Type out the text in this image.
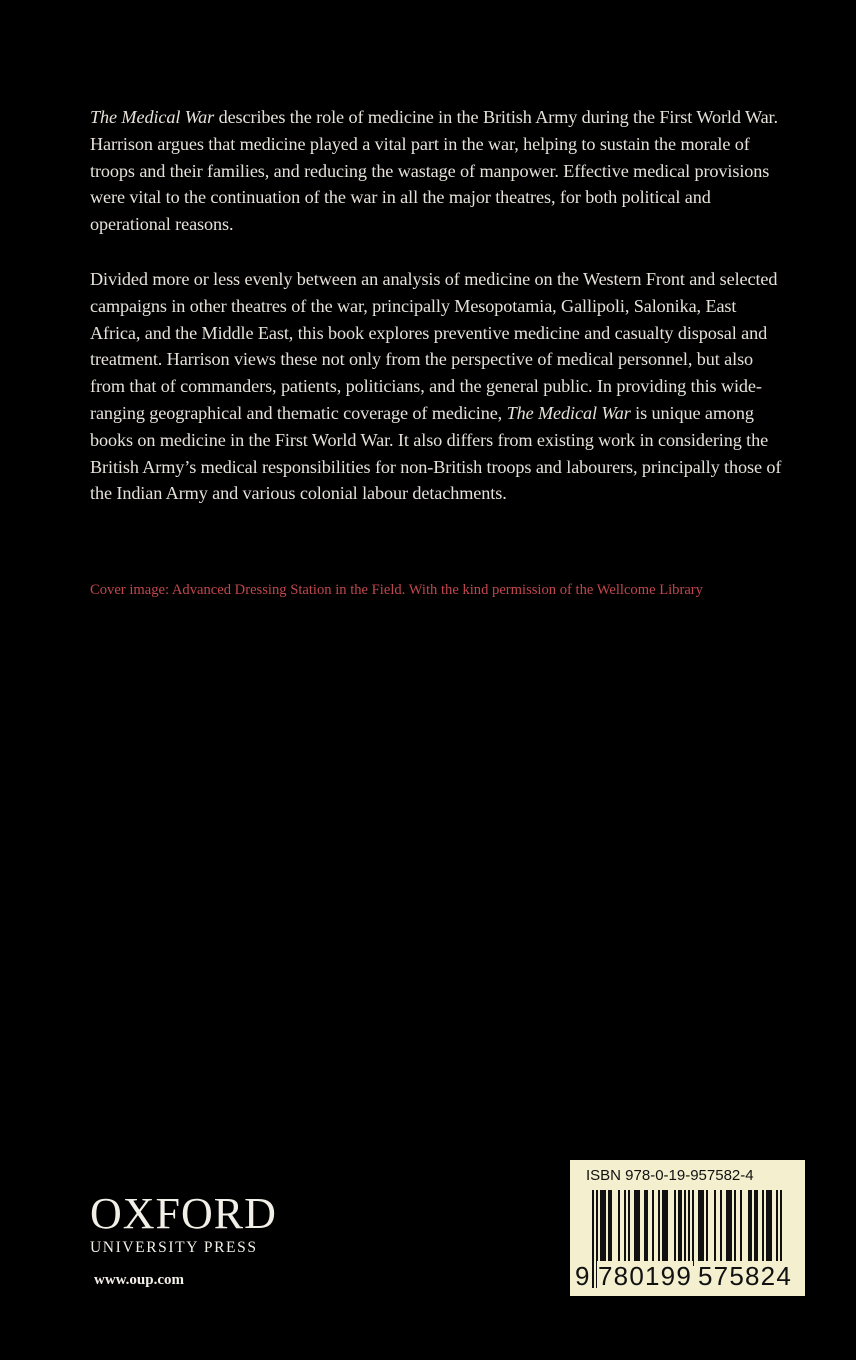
The Medical War describes the role of medicine in the British Army during the First World War. Harrison argues that medicine played a vital part in the war, helping to sustain the morale of troops and their families, and reducing the wastage of manpower. Effective medical provisions were vital to the continuation of the war in all the major theatres, for both political and operational reasons.

Divided more or less evenly between an analysis of medicine on the Western Front and selected campaigns in other theatres of the war, principally Mesopotamia, Gallipoli, Salonika, East Africa, and the Middle East, this book explores preventive medicine and casualty disposal and treatment. Harrison views these not only from the perspective of medical personnel, but also from that of commanders, patients, politicians, and the general public. In providing this wide-ranging geographical and thematic coverage of medicine, The Medical War is unique among books on medicine in the First World War. It also differs from existing work in considering the British Army’s medical responsibilities for non-British troops and labourers, principally those of the Indian Army and various colonial labour detachments.

Cover image: Advanced Dressing Station in the Field. With the kind permission of the Wellcome Library
OXFORD
UNIVERSITY PRESS
www.oup.com
ISBN 978-0-19-957582-4
9 780199 575824
